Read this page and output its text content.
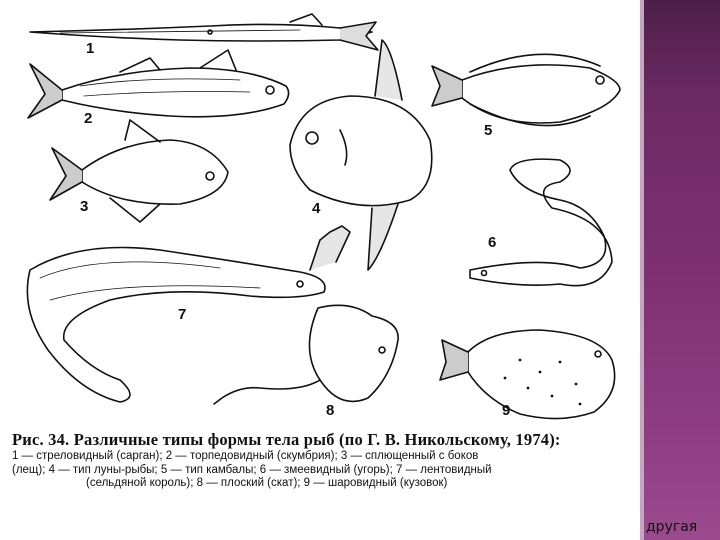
1
2
3	4
5
6
7
8	9
Рис. 34. Различные типы формы тела рыб (по Г. В. Никольскому, 1974):
1 — стреловидный (сарган); 2 — торпедовидный (скумбрия); 3 — сплющенный с боков
(лещ); 4 — тип луны-рыбы; 5 — тип камбалы; 6 — змеевидный (угорь); 7 — лентовидный
(сельдяной король); 8 — плоский (скат); 9 — шаровидный (кузовок)
другая
